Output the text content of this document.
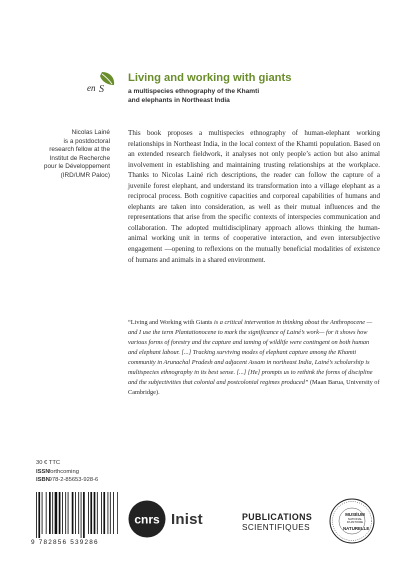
en S
Living and working with giants
a multispecies ethnography of the Khamti
and elephants in Northeast India
Nicolas Lainé
is a postdoctoral
research fellow at the
Institut de Recherche
pour le Développement
(IRD/UMR Paloc)

This book proposes a multispecies ethnography of human-elephant working relationships in Northeast India, in the local context of the Khamti population. Based on an extended research fieldwork, it analyses not only people’s action but also animal involvement in establishing and maintaining trusting relationships at the workplace. Thanks to Nicolas Lainé rich descriptions, the reader can follow the capture of a juvenile forest elephant, and understand its transformation into a village elephant as a reciprocal process. Both cognitive capacities and corporeal capabilities of humans and elephants are taken into consideration, as well as their mutual influences and the representations that arise from the specific contexts of interspecies communication and collaboration. The adopted multidisciplinary approach allows thinking the human-animal working unit in terms of cooperative interaction, and even intersubjective engagement —opening to reflexions on the mutually beneficial modalities of existence of humans and animals in a shared environment.

“Living and Working with Giants is a critical intervention in thinking about the Anthropocene —and I use the term Plantationocene to mark the significance of Lainé’s work— for it shows how various forms of forestry and the capture and taming of wildlife were contingent on both human and elephant labour. [...] Tracking surviving modes of elephant capture among the Khamti community in Arunachal Pradesh and adjacent Assam in northeast India, Lainé’s scholarship is multispecies ethnography in its best sense. [...] [He] prompts us to rethink the forms of discipline and the subjectivities that colonial and postcolonial regimes produced” (Maan Barua, University of Cambridge).

30 € TTC
ISSN forthcoming
ISBN 978-2-85653-928-6
9 782856 539286
cnrs Inist	PUBLICATIONS
SCIENTIFIQUES
MUSÉUM
NATIONAL D'HISTOIRE
NATURELLE
